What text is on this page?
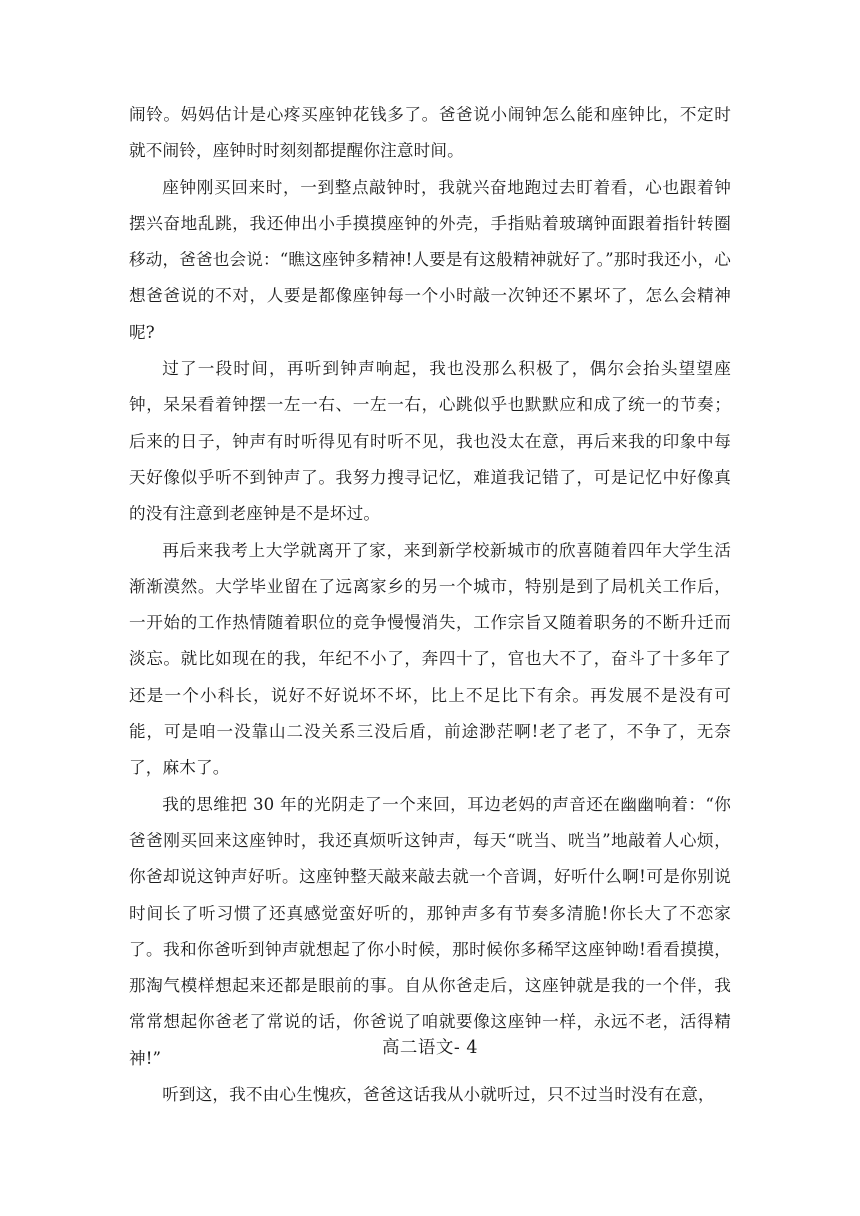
闹铃。妈妈估计是心疼买座钟花钱多了。爸爸说小闹钟怎么能和座钟比，不定时就不闹铃，座钟时时刻刻都提醒你注意时间。

座钟刚买回来时，一到整点敲钟时，我就兴奋地跑过去盯着看，心也跟着钟摆兴奋地乱跳，我还伸出小手摸摸座钟的外壳，手指贴着玻璃钟面跟着指针转圈移动，爸爸也会说：“瞧这座钟多精神!人要是有这般精神就好了。”那时我还小，心想爸爸说的不对，人要是都像座钟每一个小时敲一次钟还不累坏了，怎么会精神呢?

过了一段时间，再听到钟声响起，我也没那么积极了，偶尔会抬头望望座钟，呆呆看着钟摆一左一右、一左一右，心跳似乎也默默应和成了统一的节奏；后来的日子，钟声有时听得见有时听不见，我也没太在意，再后来我的印象中每天好像似乎听不到钟声了。我努力搜寻记忆，难道我记错了，可是记忆中好像真的没有注意到老座钟是不是坏过。

再后来我考上大学就离开了家，来到新学校新城市的欣喜随着四年大学生活渐渐漠然。大学毕业留在了远离家乡的另一个城市，特别是到了局机关工作后，一开始的工作热情随着职位的竞争慢慢消失，工作宗旨又随着职务的不断升迁而淡忘。就比如现在的我，年纪不小了，奔四十了，官也大不了，奋斗了十多年了还是一个小科长，说好不好说坏不坏，比上不足比下有余。再发展不是没有可能，可是咱一没靠山二没关系三没后盾，前途渺茫啊!老了老了，不争了，无奈了，麻木了。

我的思维把 30 年的光阴走了一个来回，耳边老妈的声音还在幽幽响着：“你爸爸刚买回来这座钟时，我还真烦听这钟声，每天“咣当、咣当”地敲着人心烦，你爸却说这钟声好听。这座钟整天敲来敲去就一个音调，好听什么啊!可是你别说时间长了听习惯了还真感觉蛮好听的，那钟声多有节奏多清脆!你长大了不恋家了。我和你爸听到钟声就想起了你小时候，那时候你多稀罕这座钟呦!看看摸摸，那淘气模样想起来还都是眼前的事。自从你爸走后，这座钟就是我的一个伴，我常常想起你爸老了常说的话，你爸说了咱就要像这座钟一样，永远不老，活得精神!”

听到这，我不由心生愧疚，爸爸这话我从小就听过，只不过当时没有在意，

高二语文- 4
